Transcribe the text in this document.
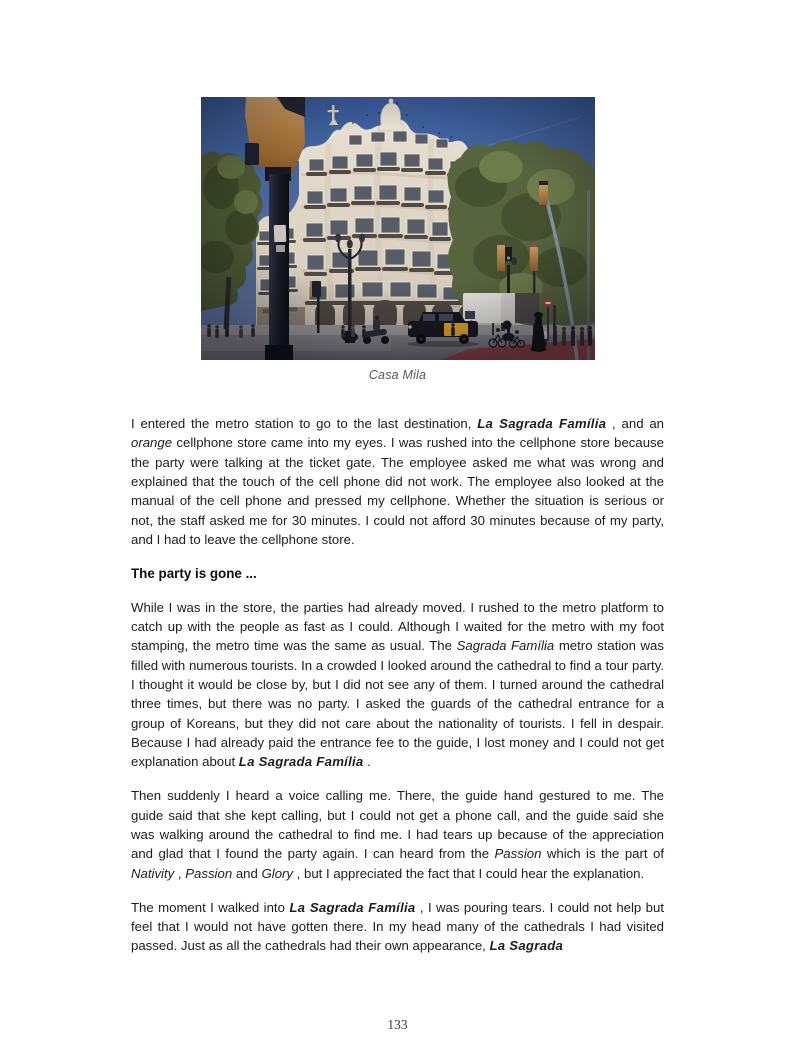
Casa Mila

I entered the metro station to go to the last destination, La Sagrada Família , and an orange cellphone store came into my eyes. I was rushed into the cellphone store because the party were talking at the ticket gate. The employee asked me what was wrong and explained that the touch of the cell phone did not work. The employee also looked at the manual of the cell phone and pressed my cellphone. Whether the situation is serious or not, the staff asked me for 30 minutes. I could not afford 30 minutes because of my party, and I had to leave the cellphone store.

The party is gone ...

While I was in the store, the parties had already moved. I rushed to the metro platform to catch up with the people as fast as I could. Although I waited for the metro with my foot stamping, the metro time was the same as usual. The Sagrada Família metro station was filled with numerous tourists. In a crowded I looked around the cathedral to find a tour party. I thought it would be close by, but I did not see any of them. I turned around the cathedral three times, but there was no party. I asked the guards of the cathedral entrance for a group of Koreans, but they did not care about the nationality of tourists. I fell in despair. Because I had already paid the entrance fee to the guide, I lost money and I could not get explanation about La Sagrada Família .

Then suddenly I heard a voice calling me. There, the guide hand gestured to me. The guide said that she kept calling, but I could not get a phone call, and the guide said she was walking around the cathedral to find me. I had tears up because of the appreciation and glad that I found the party again. I can heard from the Passion which is the part of Nativity , Passion and Glory , but I appreciated the fact that I could hear the explanation.

The moment I walked into La Sagrada Família , I was pouring tears. I could not help but feel that I would not have gotten there. In my head many of the cathedrals I had visited passed. Just as all the cathedrals had their own appearance, La Sagrada

133
